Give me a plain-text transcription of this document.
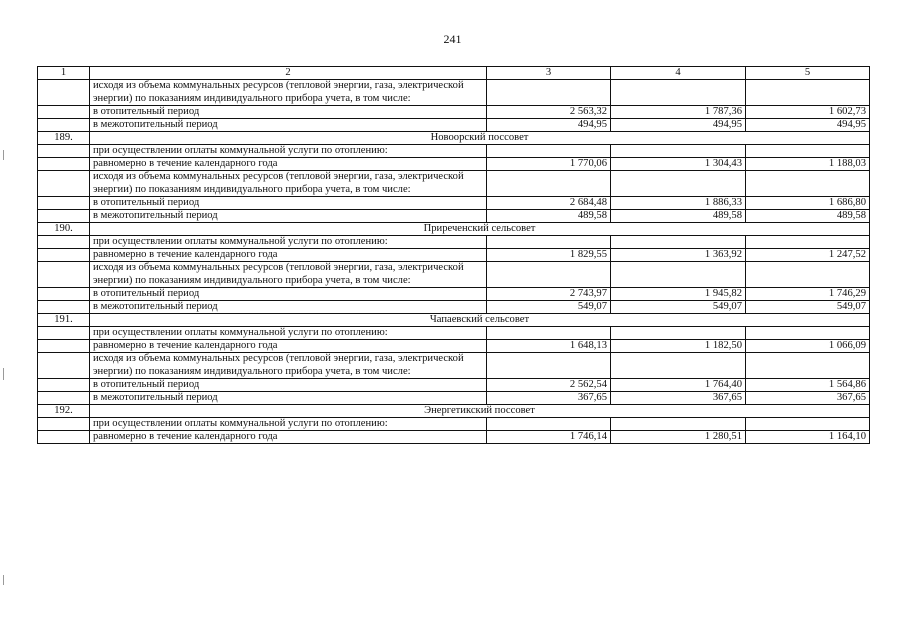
241
1	2	3	4	5
	исходя из объема коммунальных ресурсов (тепловой энергии, газа, электрической энергии) по показаниям индивидуального прибора учета, в том числе:			
	в отопительный период	2 563,32	1 787,36	1 602,73
	в межотопительный период	494,95	494,95	494,95
189.	Новоорский поссовет			
	при осуществлении оплаты коммунальной услуги по отоплению:			
	равномерно в течение календарного года	1 770,06	1 304,43	1 188,03
	исходя из объема коммунальных ресурсов (тепловой энергии, газа, электрической энергии) по показаниям индивидуального прибора учета, в том числе:			
	в отопительный период	2 684,48	1 886,33	1 686,80
	в межотопительный период	489,58	489,58	489,58
190.	Приреченский сельсовет			
	при осуществлении оплаты коммунальной услуги по отоплению:			
	равномерно в течение календарного года	1 829,55	1 363,92	1 247,52
	исходя из объема коммунальных ресурсов (тепловой энергии, газа, электрической энергии) по показаниям индивидуального прибора учета, в том числе:			
	в отопительный период	2 743,97	1 945,82	1 746,29
	в межотопительный период	549,07	549,07	549,07
191.	Чапаевский сельсовет			
	при осуществлении оплаты коммунальной услуги по отоплению:			
	равномерно в течение календарного года	1 648,13	1 182,50	1 066,09
	исходя из объема коммунальных ресурсов (тепловой энергии, газа, электрической энергии) по показаниям индивидуального прибора учета, в том числе:			
	в отопительный период	2 562,54	1 764,40	1 564,86
	в межотопительный период	367,65	367,65	367,65
192.	Энергетикский поссовет			
	при осуществлении оплаты коммунальной услуги по отоплению:			
	равномерно в течение календарного года	1 746,14	1 280,51	1 164,10
